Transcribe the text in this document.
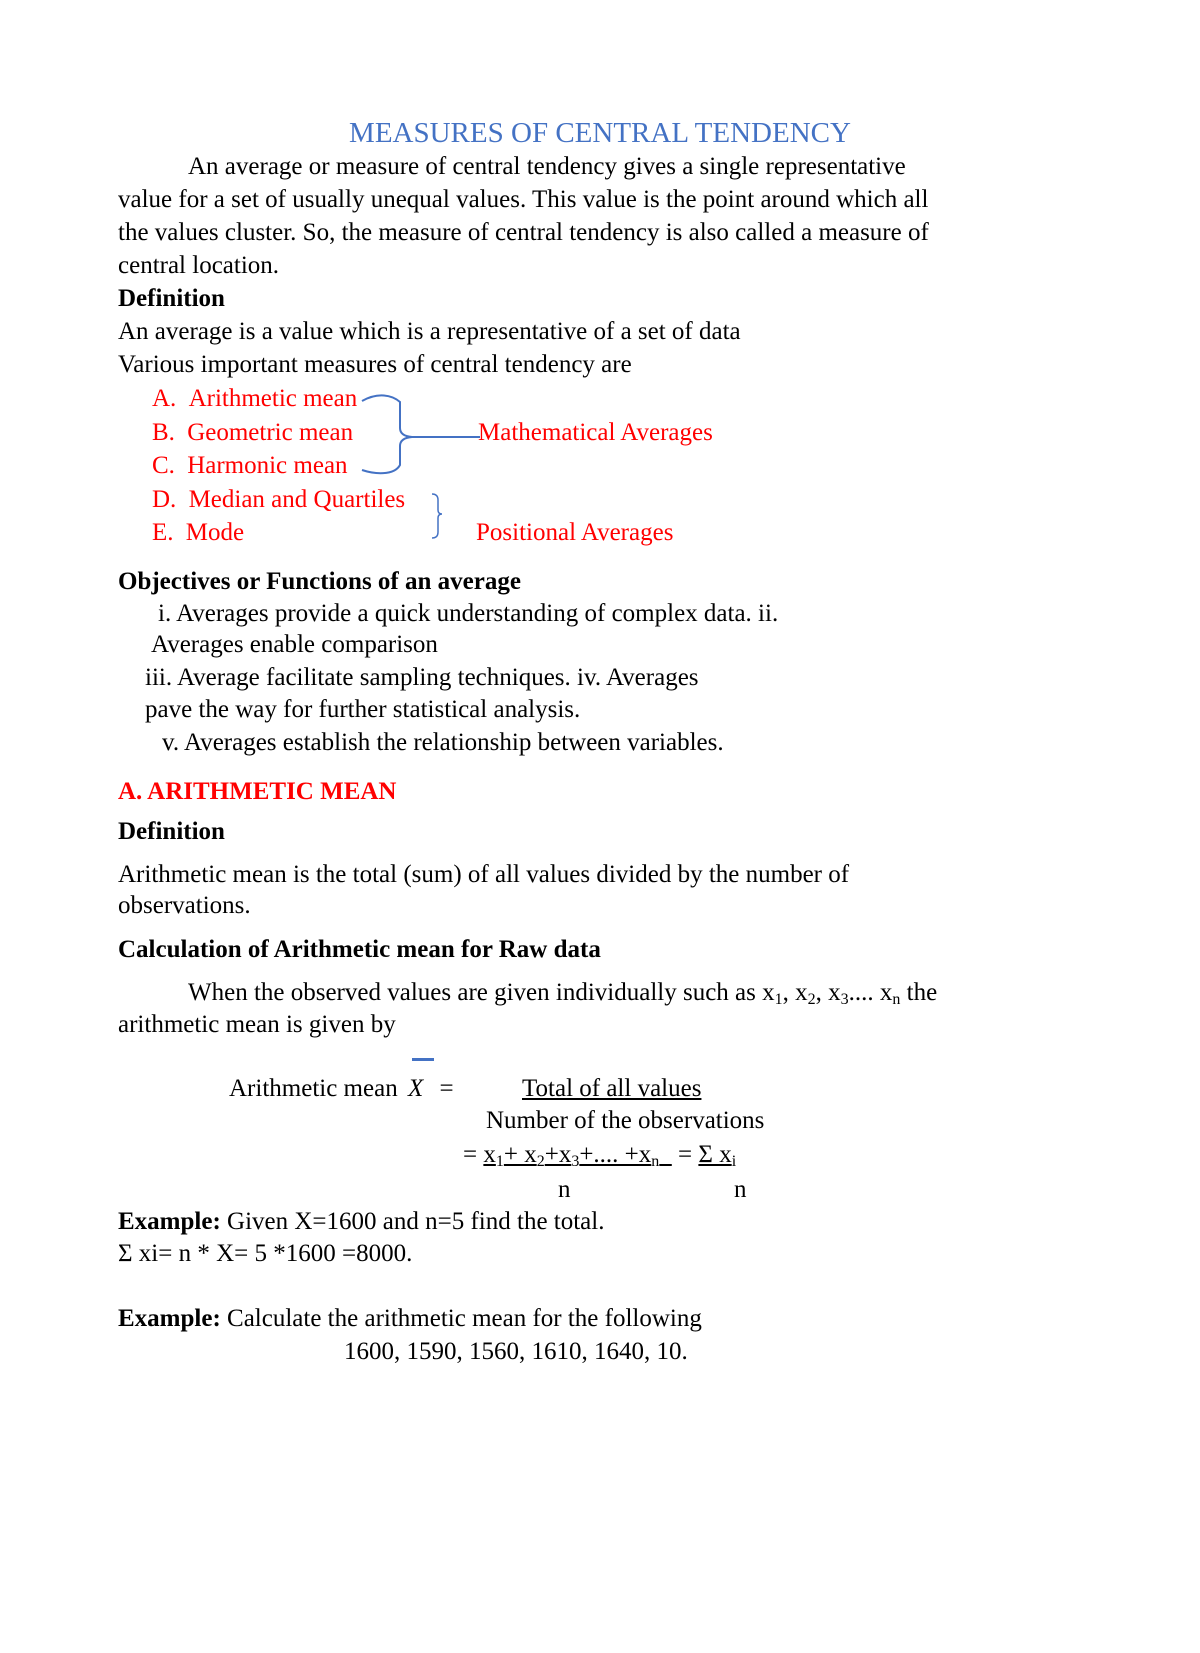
MEASURES OF CENTRAL TENDENCY
An average or measure of central tendency gives a single representative
value for a set of usually unequal values. This value is the point around which all
the values cluster. So, the measure of central tendency is also called a measure of
central location.
Definition
An average is a value which is a representative of a set of data
Various important measures of central tendency are
A. Arithmetic mean
B. Geometric mean
C. Harmonic mean
D. Median and Quartiles
E. Mode
Mathematical Averages
Positional Averages
Objectives or Functions of an average
i. Averages provide a quick understanding of complex data. ii.
Averages enable comparison
iii. Average facilitate sampling techniques. iv. Averages
pave the way for further statistical analysis.
v. Averages establish the relationship between variables.
A. ARITHMETIC MEAN
Definition
Arithmetic mean is the total (sum) of all values divided by the number of
observations.
Calculation of Arithmetic mean for Raw data
When the observed values are given individually such as $x_1$, $x_2$, $x_3$.... $x_n$ the
arithmetic mean is given by
Arithmetic mean X =	Total of all values
Number of the observations
= $x_1+ x_2+x_3+$.... $+x_n = \Sigma$ $x_i$
n	n
Example: Given X=1600 and n=5 find the total.
Σ xi= n * X= 5 *1600 =8000.
Example: Calculate the arithmetic mean for the following
1600, 1590, 1560, 1610, 1640, 10.
